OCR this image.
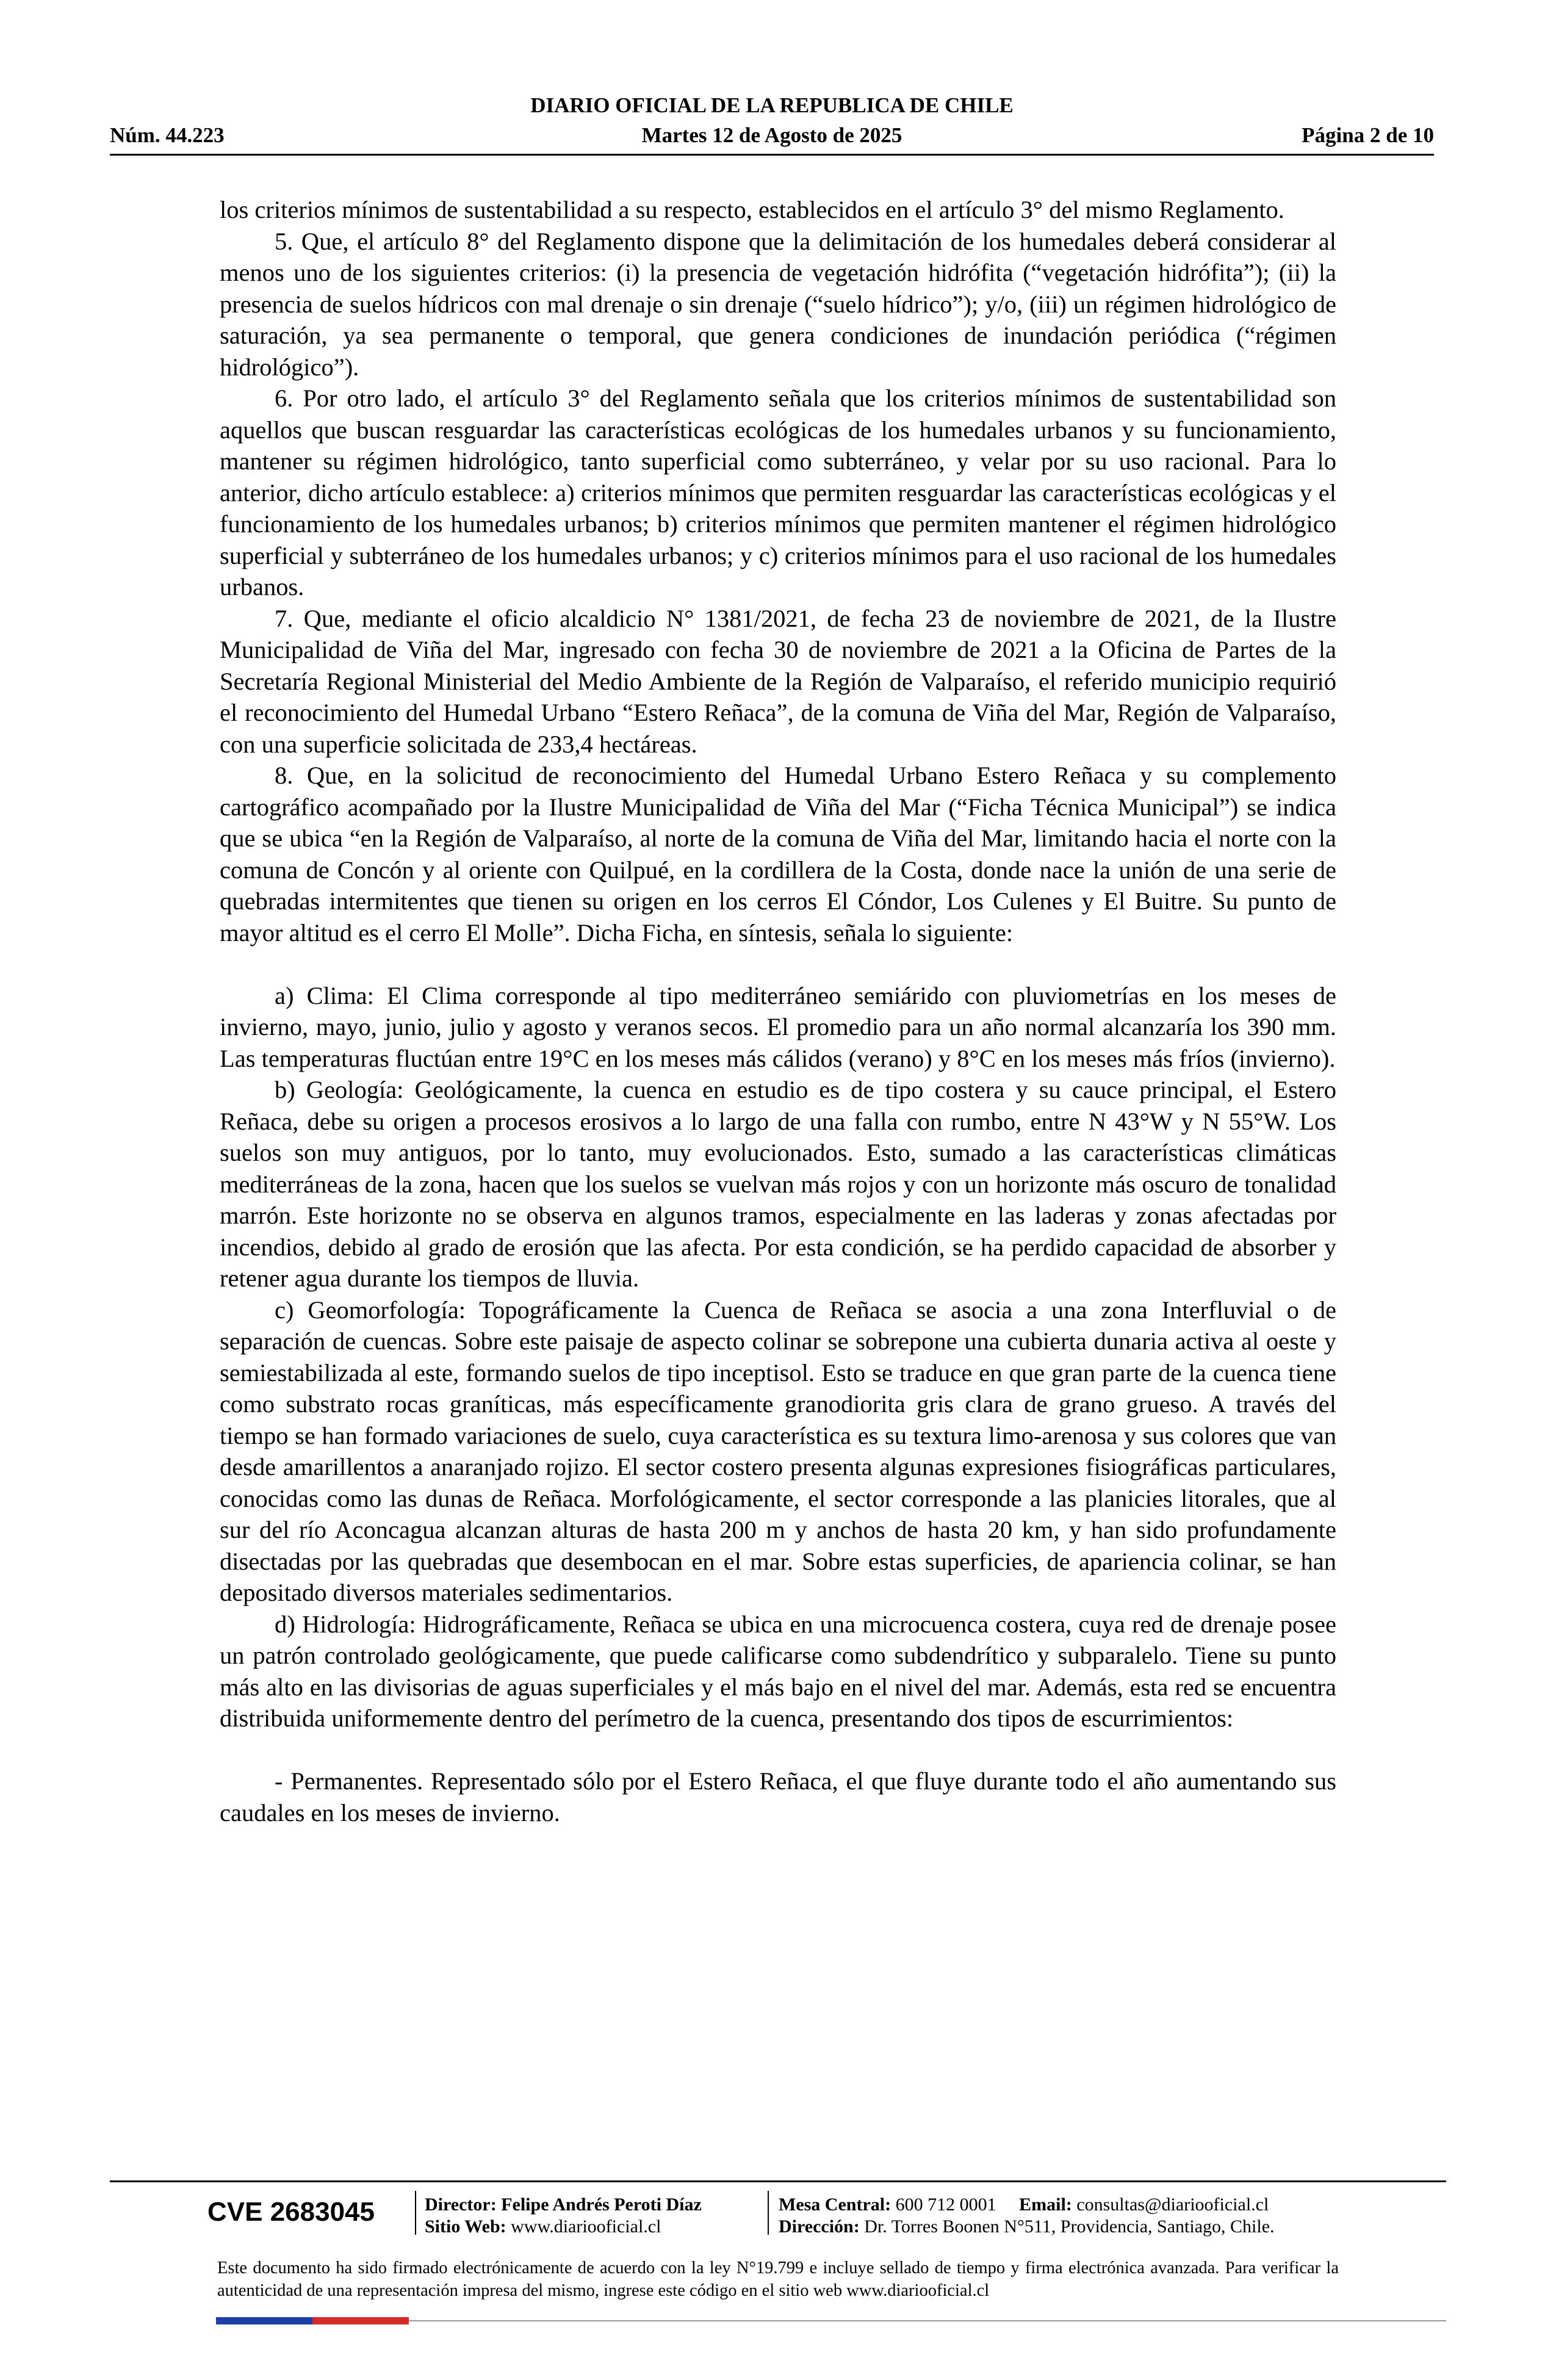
DIARIO OFICIAL DE LA REPUBLICA DE CHILE
Núm. 44.223	Martes 12 de Agosto de 2025	Página 2 de 10

los criterios mínimos de sustentabilidad a su respecto, establecidos en el artículo 3° del mismo Reglamento.

5. Que, el artículo 8° del Reglamento dispone que la delimitación de los humedales deberá considerar al menos uno de los siguientes criterios: (i) la presencia de vegetación hidrófita (“vegetación hidrófita”); (ii) la presencia de suelos hídricos con mal drenaje o sin drenaje (“suelo hídrico”); y/o, (iii) un régimen hidrológico de saturación, ya sea permanente o temporal, que genera condiciones de inundación periódica (“régimen hidrológico”).

6. Por otro lado, el artículo 3° del Reglamento señala que los criterios mínimos de sustentabilidad son aquellos que buscan resguardar las características ecológicas de los humedales urbanos y su funcionamiento, mantener su régimen hidrológico, tanto superficial como subterráneo, y velar por su uso racional. Para lo anterior, dicho artículo establece: a) criterios mínimos que permiten resguardar las características ecológicas y el funcionamiento de los humedales urbanos; b) criterios mínimos que permiten mantener el régimen hidrológico superficial y subterráneo de los humedales urbanos; y c) criterios mínimos para el uso racional de los humedales urbanos.

7. Que, mediante el oficio alcaldicio N° 1381/2021, de fecha 23 de noviembre de 2021, de la Ilustre Municipalidad de Viña del Mar, ingresado con fecha 30 de noviembre de 2021 a la Oficina de Partes de la Secretaría Regional Ministerial del Medio Ambiente de la Región de Valparaíso, el referido municipio requirió el reconocimiento del Humedal Urbano “Estero Reñaca”, de la comuna de Viña del Mar, Región de Valparaíso, con una superficie solicitada de 233,4 hectáreas.

8. Que, en la solicitud de reconocimiento del Humedal Urbano Estero Reñaca y su complemento cartográfico acompañado por la Ilustre Municipalidad de Viña del Mar (“Ficha Técnica Municipal”) se indica que se ubica “en la Región de Valparaíso, al norte de la comuna de Viña del Mar, limitando hacia el norte con la comuna de Concón y al oriente con Quilpué, en la cordillera de la Costa, donde nace la unión de una serie de quebradas intermitentes que tienen su origen en los cerros El Cóndor, Los Culenes y El Buitre. Su punto de mayor altitud es el cerro El Molle”. Dicha Ficha, en síntesis, señala lo siguiente:

a) Clima: El Clima corresponde al tipo mediterráneo semiárido con pluviometrías en los meses de invierno, mayo, junio, julio y agosto y veranos secos. El promedio para un año normal alcanzaría los 390 mm. Las temperaturas fluctúan entre 19°C en los meses más cálidos (verano) y 8°C en los meses más fríos (invierno).

b) Geología: Geológicamente, la cuenca en estudio es de tipo costera y su cauce principal, el Estero Reñaca, debe su origen a procesos erosivos a lo largo de una falla con rumbo, entre N 43°W y N 55°W. Los suelos son muy antiguos, por lo tanto, muy evolucionados. Esto, sumado a las características climáticas mediterráneas de la zona, hacen que los suelos se vuelvan más rojos y con un horizonte más oscuro de tonalidad marrón. Este horizonte no se observa en algunos tramos, especialmente en las laderas y zonas afectadas por incendios, debido al grado de erosión que las afecta. Por esta condición, se ha perdido capacidad de absorber y retener agua durante los tiempos de lluvia.

c) Geomorfología: Topográficamente la Cuenca de Reñaca se asocia a una zona Interfluvial o de separación de cuencas. Sobre este paisaje de aspecto colinar se sobrepone una cubierta dunaria activa al oeste y semiestabilizada al este, formando suelos de tipo inceptisol. Esto se traduce en que gran parte de la cuenca tiene como substrato rocas graníticas, más específicamente granodiorita gris clara de grano grueso. A través del tiempo se han formado variaciones de suelo, cuya característica es su textura limo-arenosa y sus colores que van desde amarillentos a anaranjado rojizo. El sector costero presenta algunas expresiones fisiográficas particulares, conocidas como las dunas de Reñaca. Morfológicamente, el sector corresponde a las planicies litorales, que al sur del río Aconcagua alcanzan alturas de hasta 200 m y anchos de hasta 20 km, y han sido profundamente disectadas por las quebradas que desembocan en el mar. Sobre estas superficies, de apariencia colinar, se han depositado diversos materiales sedimentarios.

d) Hidrología: Hidrográficamente, Reñaca se ubica en una microcuenca costera, cuya red de drenaje posee un patrón controlado geológicamente, que puede calificarse como subdendrítico y subparalelo. Tiene su punto más alto en las divisorias de aguas superficiales y el más bajo en el nivel del mar. Además, esta red se encuentra distribuida uniformemente dentro del perímetro de la cuenca, presentando dos tipos de escurrimientos:

- Permanentes. Representado sólo por el Estero Reñaca, el que fluye durante todo el año aumentando sus caudales en los meses de invierno.

CVE 2683045	Director: Felipe Andrés Peroti Díaz
Sitio Web: www.diariooficial.cl
Mesa Central: 600 712 0001 Email: consultas@diariooficial.cl
Dirección: Dr. Torres Boonen N°511, Providencia, Santiago, Chile.
Este documento ha sido firmado electrónicamente de acuerdo con la ley N°19.799 e incluye sellado de tiempo y firma electrónica avanzada. Para verificar la autenticidad de una representación impresa del mismo, ingrese este código en el sitio web www.diariooficial.cl
